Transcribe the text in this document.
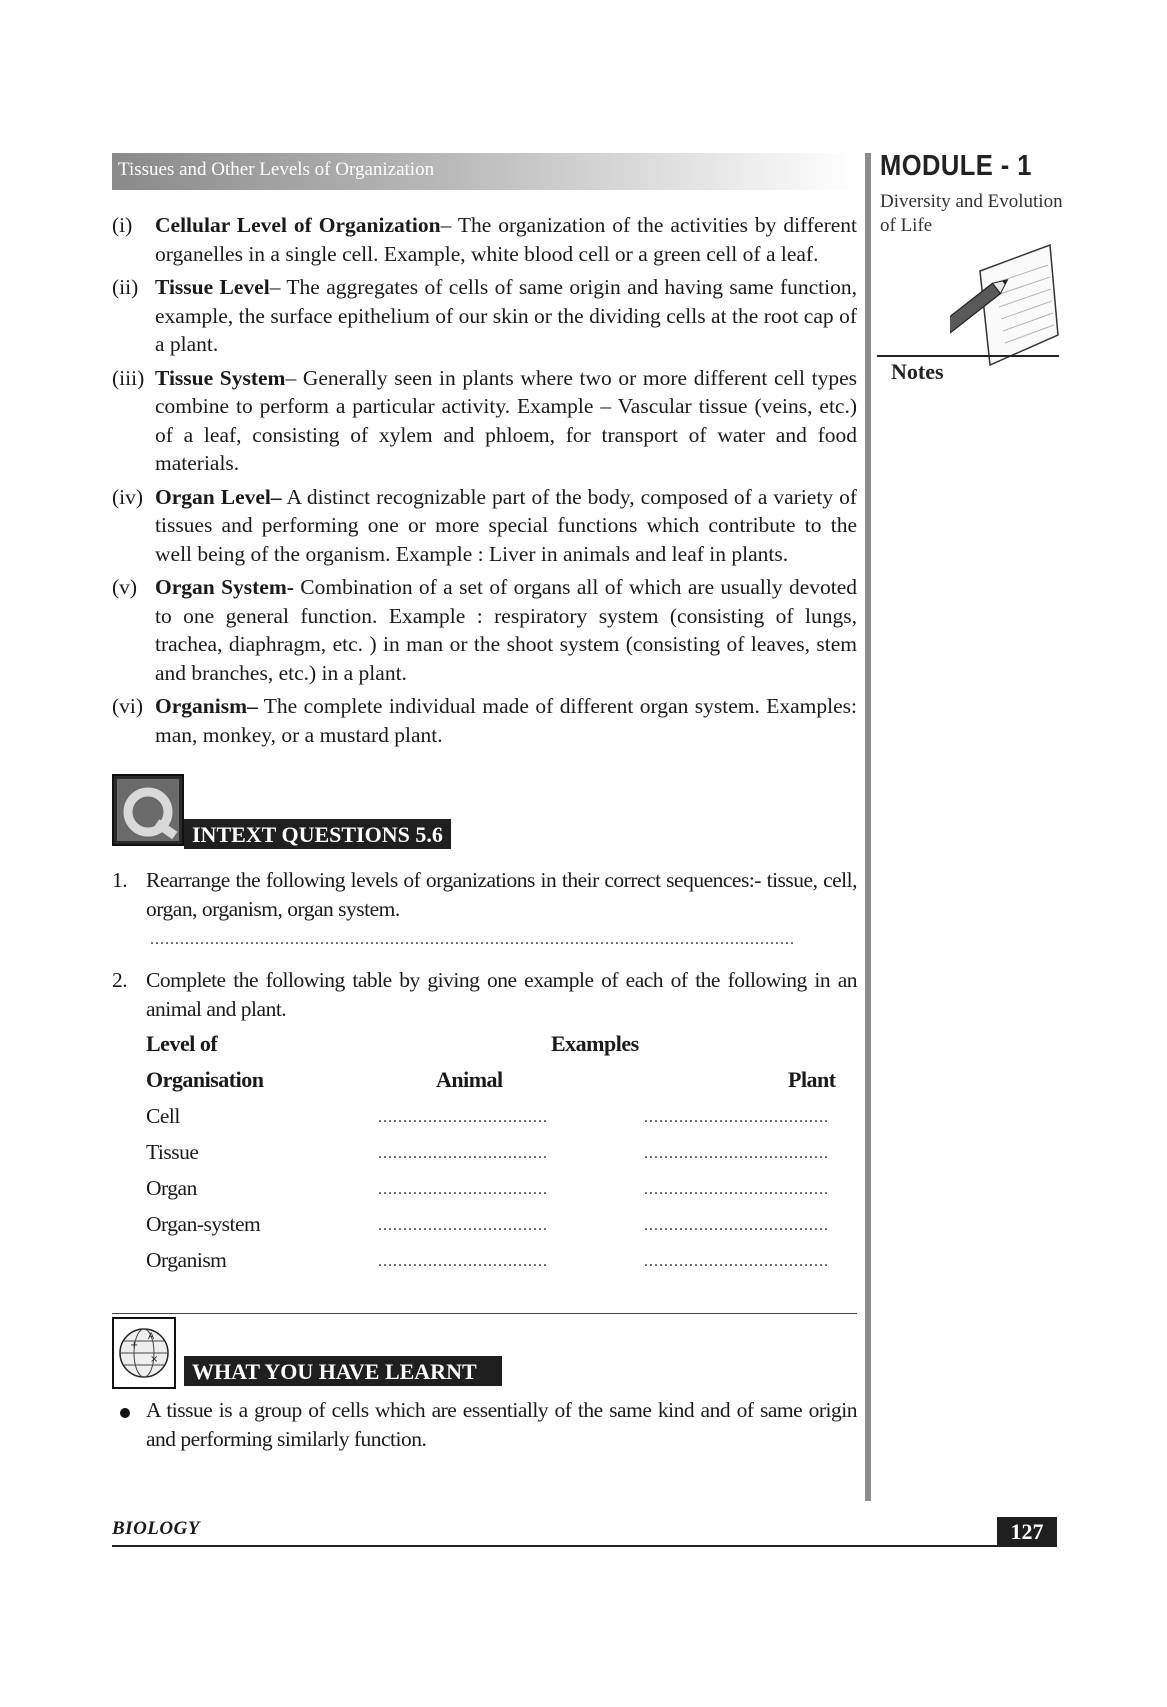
Tissues and Other Levels of Organization	MODULE - 1
Diversity and Evolution of Life
Notes
(i) Cellular Level of Organization– The organization of the activities by different organelles in a single cell. Example, white blood cell or a green cell of a leaf.
(ii) Tissue Level– The aggregates of cells of same origin and having same function, example, the surface epithelium of our skin or the dividing cells at the root cap of a plant.
(iii) Tissue System– Generally seen in plants where two or more different cell types combine to perform a particular activity. Example – Vascular tissue (veins, etc.) of a leaf, consisting of xylem and phloem, for transport of water and food materials.
(iv) Organ Level– A distinct recognizable part of the body, composed of a variety of tissues and performing one or more special functions which contribute to the well being of the organism. Example : Liver in animals and leaf in plants.
(v) Organ System- Combination of a set of organs all of which are usually devoted to one general function. Example : respiratory system (consisting of lungs, trachea, diaphragm, etc. ) in man or the shoot system (consisting of leaves, stem and branches, etc.) in a plant.
(vi) Organism– The complete individual made of different organ system. Examples: man, monkey, or a mustard plant.
INTEXT QUESTIONS 5.6
1. Rearrange the following levels of organizations in their correct sequences:- tissue, cell, organ, organism, organ system.
.................................................................................................................................
2. Complete the following table by giving one example of each of the following in an animal and plant.
Level of
Organisation
Examples
Animal	Plant
Cell	..................................	.....................................
Tissue	..................................	.....................................
Organ	..................................	.....................................
Organ-system	..................................	.....................................
Organism	..................................	.....................................
+
×
A
WHAT YOU HAVE LEARNT
A tissue is a group of cells which are essentially of the same kind and of same origin and performing similarly function.
BIOLOGY	127
